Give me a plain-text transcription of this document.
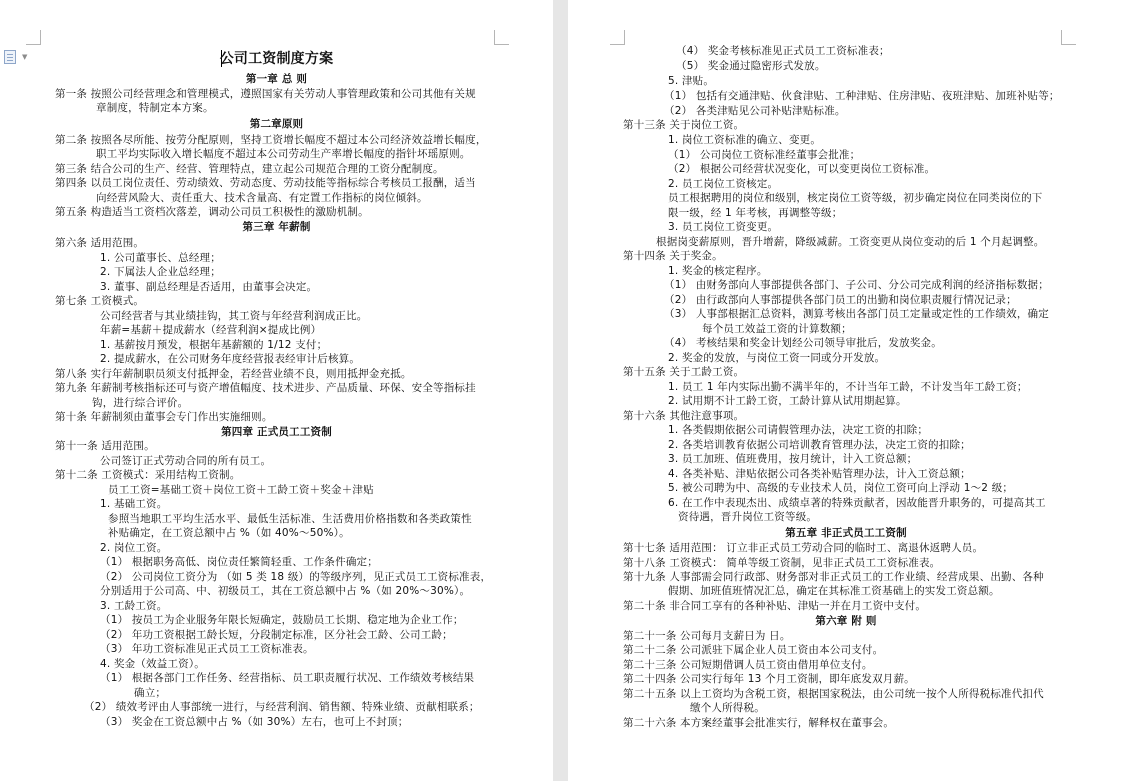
▼	公司工资制度方案
第一章 总 则
第一条 按照公司经营理念和管理模式，遵照国家有关劳动人事管理政策和公司其他有关规
章制度，特制定本方案。
第二章原则
第二条 按照各尽所能、按劳分配原则，坚持工资增长幅度不超过本公司经济效益增长幅度，
职工平均实际收入增长幅度不超过本公司劳动生产率增长幅度的指针坏瑶原则。
第三条 结合公司的生产、经营、管理特点，建立起公司规范合理的工资分配制度。
第四条 以员工岗位责任、劳动绩效、劳动态度、劳动技能等指标综合考核员工报酬，适当
向经营风险大、责任重大、技术含量高、有定置工作指标的岗位倾斜。
第五条 构造适当工资档次落差，调动公司员工积极性的激励机制。
第三章 年薪制
第六条 适用范围。
1. 公司董事长、总经理；
2. 下属法人企业总经理；
3. 董事、副总经理是否适用，由董事会决定。
第七条 工资模式。
公司经营者与其业绩挂钩，其工资与年经营利润成正比。
年薪=基薪＋提成薪水（经营利润×提成比例）
1. 基薪按月预发，根据年基薪额的 1/12 支付；
2. 提成薪水，在公司财务年度经营报表经审计后核算。
第八条 实行年薪制职员须支付抵押金，若经营业绩不良，则用抵押金充抵。
第九条 年薪制考核指标还可与资产增值幅度、技术进步、产品质量、环保、安全等指标挂
钩，进行综合评价。
第十条 年薪制须由董事会专门作出实施细则。
第四章 正式员工工资制
第十一条 适用范围。
公司签订正式劳动合同的所有员工。
第十二条 工资模式：采用结构工资制。
员工工资=基础工资＋岗位工资＋工龄工资＋奖金＋津贴
1. 基础工资。
参照当地职工平均生活水平、最低生活标准、生活费用价格指数和各类政策性
补贴确定，在工资总额中占 %（如 40%～50%）。
2. 岗位工资。
（1） 根据职务高低、岗位责任繁简轻重、工作条件确定；
（2） 公司岗位工资分为 （如 5 类 18 级）的等级序列，见正式员工工资标准表，
分别适用于公司高、中、初级员工，其在工资总额中占 %（如 20%～30%）。
3. 工龄工资。
（1） 按员工为企业服务年限长短确定，鼓励员工长期、稳定地为企业工作；
（2） 年功工资根据工龄长短，分段制定标准，区分社会工龄、公司工龄；
（3） 年功工资标准见正式员工工资标准表。
4. 奖金（效益工资）。
（1） 根据各部门工作任务、经营指标、员工职责履行状况、工作绩效考核结果
确立；
（2） 绩效考评由人事部统一进行，与经营利润、销售额、特殊业绩、贡献相联系；
（3） 奖金在工资总额中占 %（如 30%）左右，也可上不封顶；
（4） 奖金考核标准见正式员工工资标准表；
（5） 奖金通过隐密形式发放。
5. 津贴。
（1） 包括有交通津贴、伙食津贴、工种津贴、住房津贴、夜班津贴、加班补贴等；
（2） 各类津贴见公司补贴津贴标准。
第十三条 关于岗位工资。
1. 岗位工资标准的确立、变更。
（1） 公司岗位工资标准经董事会批准；
（2） 根据公司经营状况变化，可以变更岗位工资标准。
2. 员工岗位工资核定。
员工根据聘用的岗位和级别，核定岗位工资等级，初步确定岗位在同类岗位的下
限一级，经 1 年考核，再调整等级；
3. 员工岗位工资变更。
根据岗变薪原则，晋升增薪，降级减薪。工资变更从岗位变动的后 1 个月起调整。
第十四条 关于奖金。
1. 奖金的核定程序。
（1） 由财务部向人事部提供各部门、子公司、分公司完成利润的经济指标数据；
（2） 由行政部向人事部提供各部门员工的出勤和岗位职责履行情况记录；
（3） 人事部根据汇总资料，测算考核出各部门员工定量或定性的工作绩效，确定
每个员工效益工资的计算数额；
（4） 考核结果和奖金计划经公司领导审批后，发放奖金。
2. 奖金的发放，与岗位工资一同或分开发放。
第十五条 关于工龄工资。
1. 员工 1 年内实际出勤不满半年的，不计当年工龄，不计发当年工龄工资；
2. 试用期不计工龄工资，工龄计算从试用期起算。
第十六条 其他注意事项。
1. 各类假期依据公司请假管理办法，决定工资的扣除；
2. 各类培训教育依据公司培训教育管理办法，决定工资的扣除；
3. 员工加班、值班费用，按月统计，计入工资总额；
4. 各类补贴、津贴依据公司各类补贴管理办法，计入工资总额；
5. 被公司聘为中、高级的专业技术人员，岗位工资可向上浮动 1～2 级；
6. 在工作中表现杰出、成绩卓著的特殊贡献者，因故能晋升职务的，可提高其工
资待遇，晋升岗位工资等级。
第五章 非正式员工工资制
第十七条 适用范围： 订立非正式员工劳动合同的临时工、离退休返聘人员。
第十八条 工资模式： 简单等级工资制，见非正式员工工资标准表。
第十九条 人事部需会同行政部、财务部对非正式员工的工作业绩、经营成果、出勤、各种
假期、加班值班情况汇总，确定在其标准工资基础上的实发工资总额。
第二十条 非合同工享有的各种补贴、津贴一并在月工资中支付。
第六章 附 则
第二十一条 公司每月支薪日为 日。
第二十二条 公司派驻下属企业人员工资由本公司支付。
第二十三条 公司短期借调人员工资由借用单位支付。
第二十四条 公司实行每年 13 个月工资制，即年底发双月薪。
第二十五条 以上工资均为含税工资，根据国家税法，由公司统一按个人所得税标准代扣代
缴个人所得税。
第二十六条 本方案经董事会批准实行，解释权在董事会。
